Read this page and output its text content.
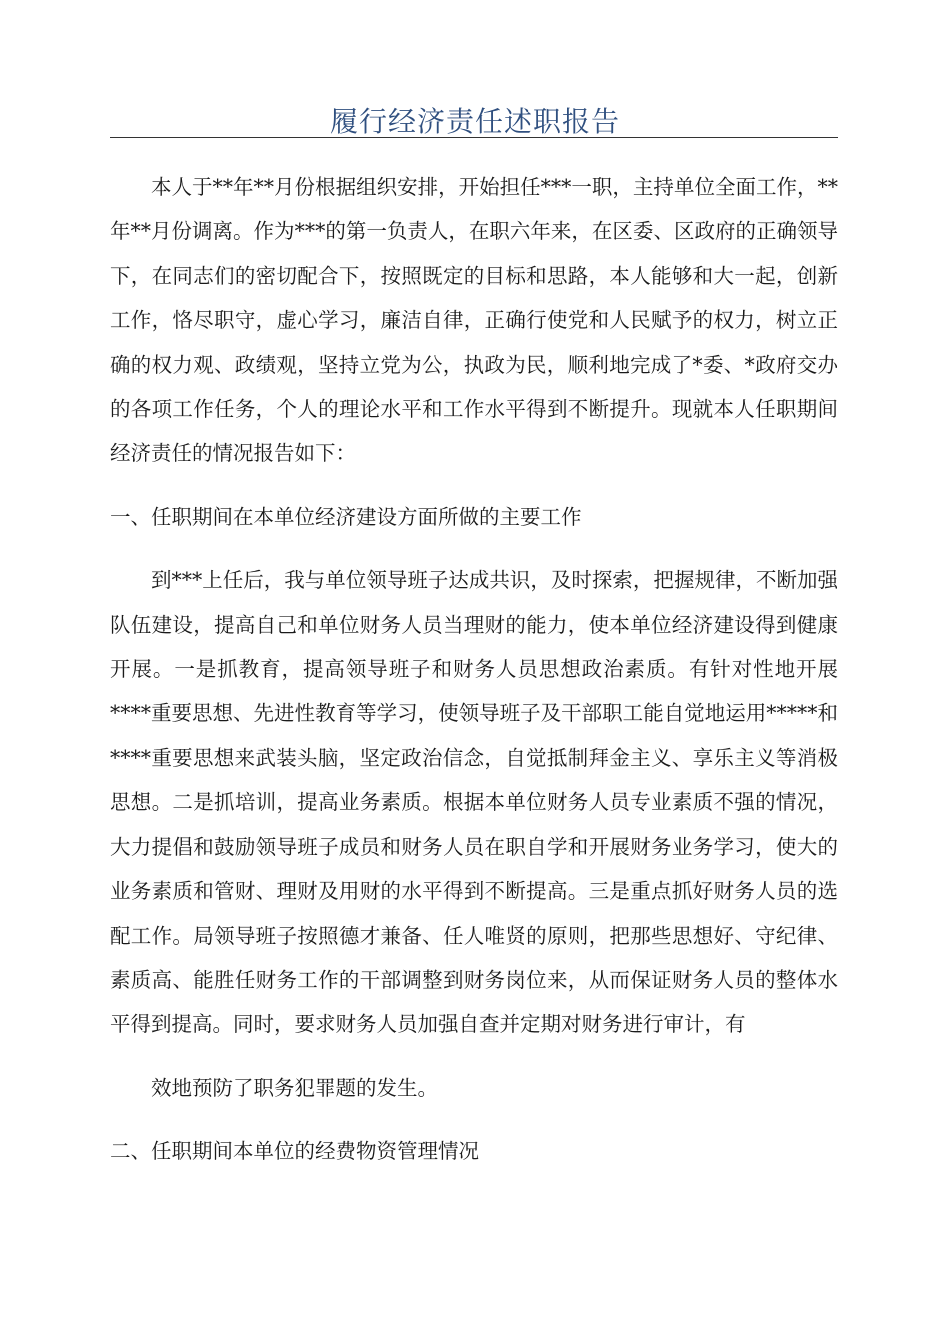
履行经济责任述职报告

本人于**年**月份根据组织安排，开始担任***一职，主持单位全面工作，**年**月份调离。作为***的第一负责人，在职六年来，在区委、区政府的正确领导下，在同志们的密切配合下，按照既定的目标和思路，本人能够和大一起，创新工作，恪尽职守，虚心学习，廉洁自律，正确行使党和人民赋予的权力，树立正确的权力观、政绩观，坚持立党为公，执政为民，顺利地完成了*委、*政府交办的各项工作任务，个人的理论水平和工作水平得到不断提升。现就本人任职期间经济责任的情况报告如下：

一、任职期间在本单位经济建设方面所做的主要工作

到***上任后，我与单位领导班子达成共识，及时探索，把握规律，不断加强队伍建设，提高自己和单位财务人员当理财的能力，使本单位经济建设得到健康开展。一是抓教育，提高领导班子和财务人员思想政治素质。有针对性地开展****重要思想、先进性教育等学习，使领导班子及干部职工能自觉地运用*****和****重要思想来武装头脑，坚定政治信念，自觉抵制拜金主义、享乐主义等消极思想。二是抓培训，提高业务素质。根据本单位财务人员专业素质不强的情况，大力提倡和鼓励领导班子成员和财务人员在职自学和开展财务业务学习，使大的业务素质和管财、理财及用财的水平得到不断提高。三是重点抓好财务人员的选配工作。局领导班子按照德才兼备、任人唯贤的原则，把那些思想好、守纪律、素质高、能胜任财务工作的干部调整到财务岗位来，从而保证财务人员的整体水平得到提高。同时，要求财务人员加强自查并定期对财务进行审计，有

效地预防了职务犯罪题的发生。

二、任职期间本单位的经费物资管理情况
